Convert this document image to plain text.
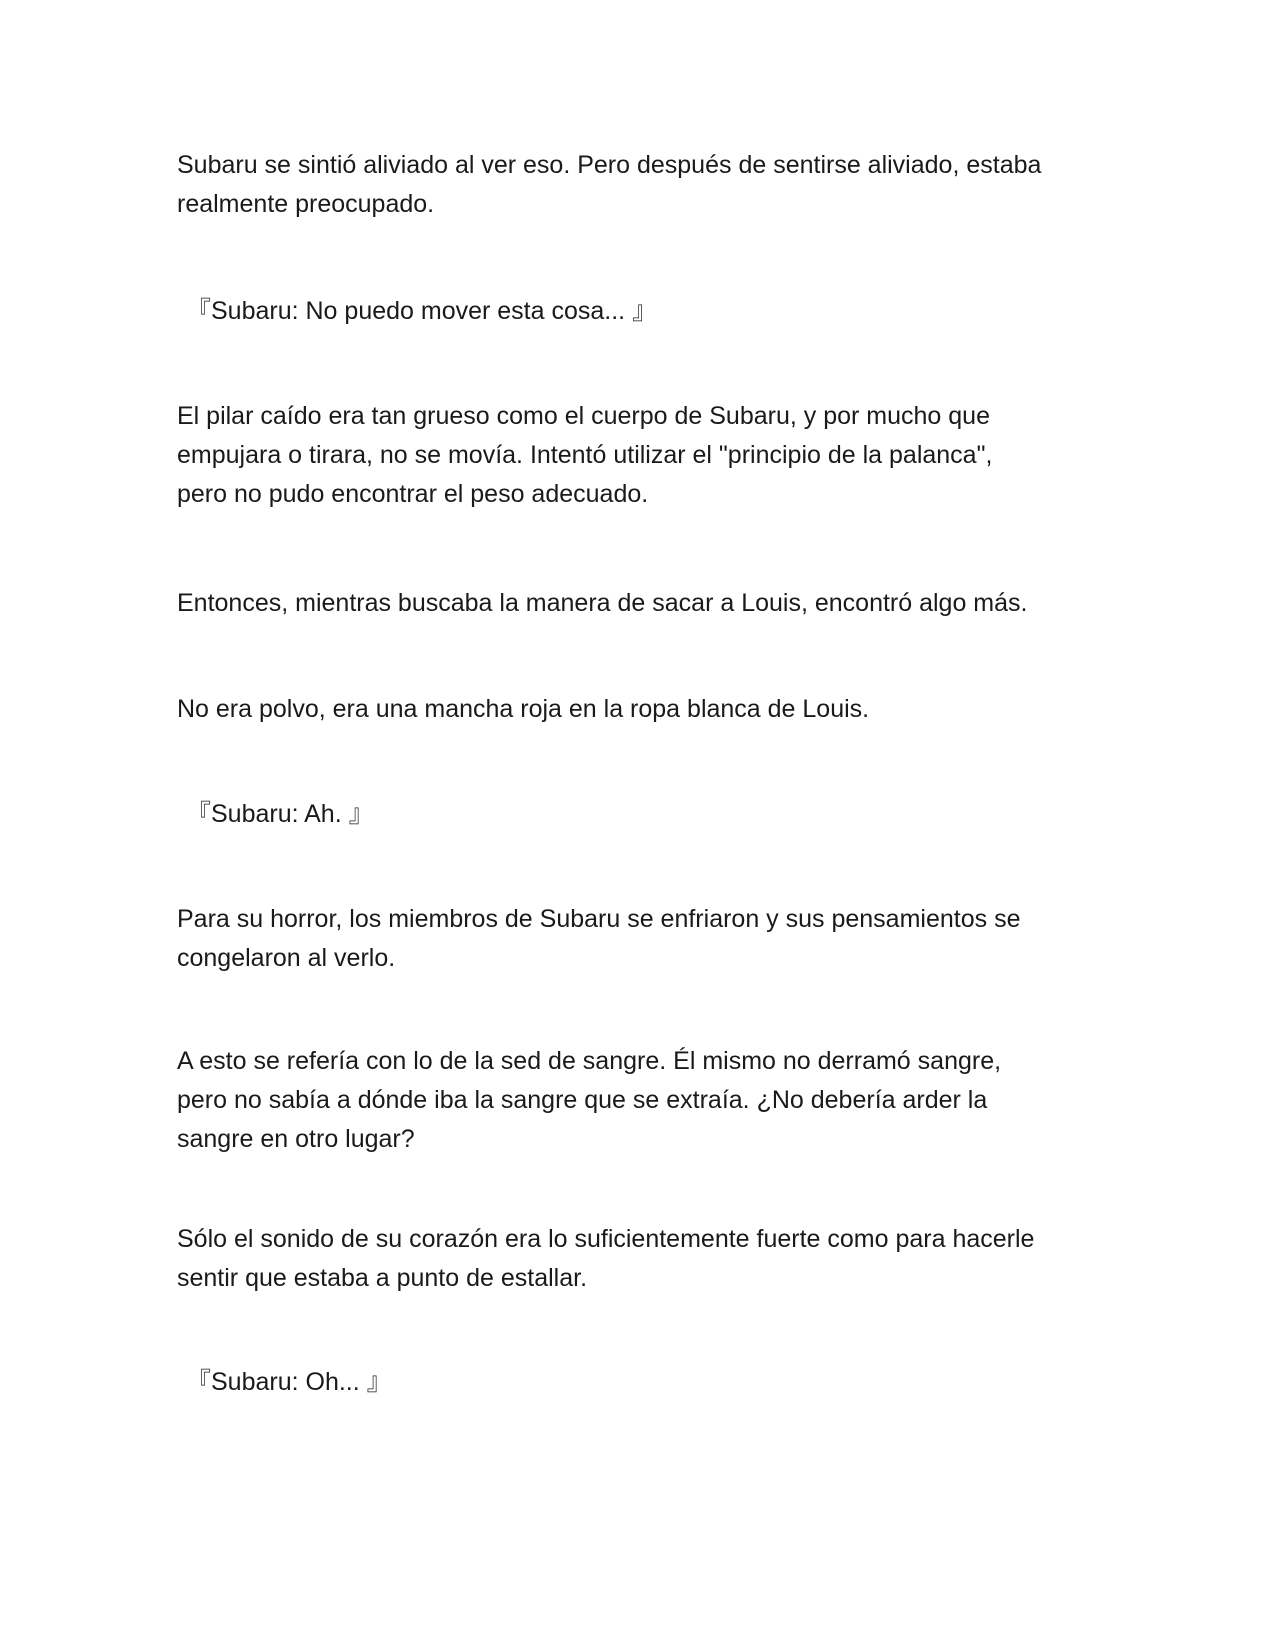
Subaru se sintió aliviado al ver eso. Pero después de sentirse aliviado, estaba
realmente preocupado.

『Subaru: No puedo mover esta cosa... 』

El pilar caído era tan grueso como el cuerpo de Subaru, y por mucho que
empujara o tirara, no se movía. Intentó utilizar el "principio de la palanca",
pero no pudo encontrar el peso adecuado.

Entonces, mientras buscaba la manera de sacar a Louis, encontró algo más.

No era polvo, era una mancha roja en la ropa blanca de Louis.

『Subaru: Ah. 』

Para su horror, los miembros de Subaru se enfriaron y sus pensamientos se
congelaron al verlo.

A esto se refería con lo de la sed de sangre. Él mismo no derramó sangre,
pero no sabía a dónde iba la sangre que se extraía. ¿No debería arder la
sangre en otro lugar?

Sólo el sonido de su corazón era lo suficientemente fuerte como para hacerle
sentir que estaba a punto de estallar.

『Subaru: Oh... 』
